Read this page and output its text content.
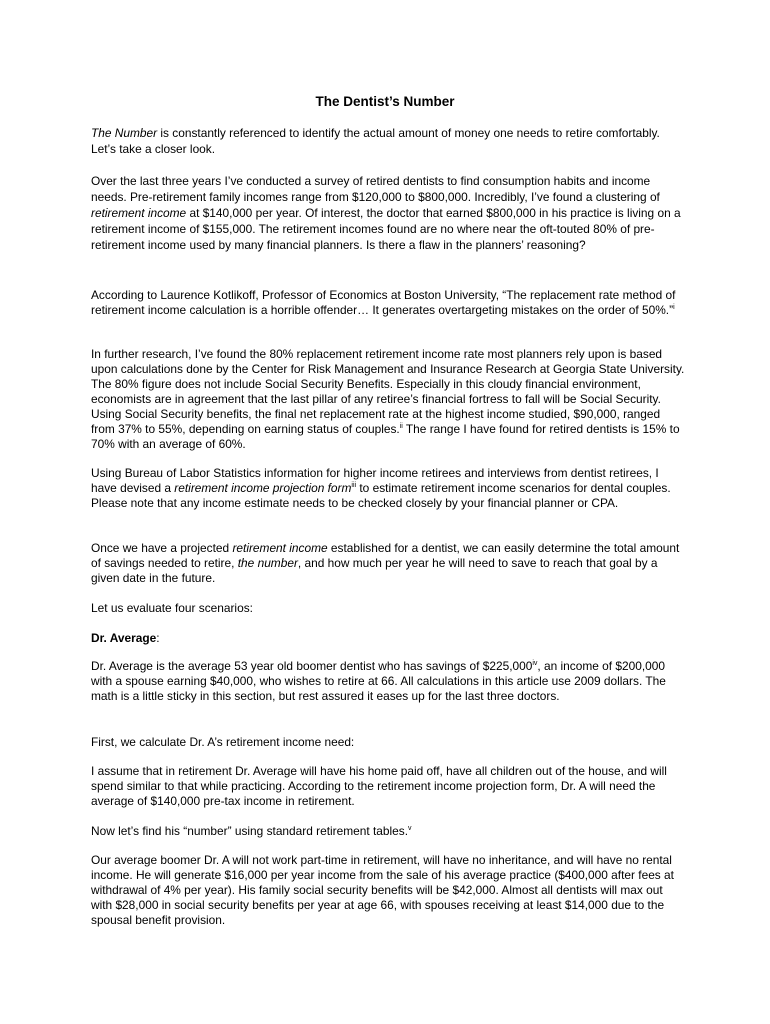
The Dentist’s Number
The Number is constantly referenced to identify the actual amount of money one needs to retire comfortably. Let’s take a closer look.
Over the last three years I’ve conducted a survey of retired dentists to find consumption habits and income needs. Pre-retirement family incomes range from $120,000 to $800,000. Incredibly, I’ve found a clustering of retirement income at $140,000 per year. Of interest, the doctor that earned $800,000 in his practice is living on a retirement income of $155,000. The retirement incomes found are no where near the oft-touted 80% of pre-retirement income used by many financial planners. Is there a flaw in the planners’ reasoning?
According to Laurence Kotlikoff, Professor of Economics at Boston University, “The replacement rate method of retirement income calculation is a horrible offender… It generates overtargeting mistakes on the order of 50%.”$^i$
In further research, I’ve found the 80% replacement retirement income rate most planners rely upon is based upon calculations done by the Center for Risk Management and Insurance Research at Georgia State University. The 80% figure does not include Social Security Benefits. Especially in this cloudy financial environment, economists are in agreement that the last pillar of any retiree’s financial fortress to fall will be Social Security. Using Social Security benefits, the final net replacement rate at the highest income studied, $90,000, ranged from 37% to 55%, depending on earning status of couples.$^{ii}$ The range I have found for retired dentists is 15% to 70% with an average of 60%.
Using Bureau of Labor Statistics information for higher income retirees and interviews from dentist retirees, I have devised a retirement income projection form$^{iii}$ to estimate retirement income scenarios for dental couples. Please note that any income estimate needs to be checked closely by your financial planner or CPA.
Once we have a projected retirement income established for a dentist, we can easily determine the total amount of savings needed to retire, the number, and how much per year he will need to save to reach that goal by a given date in the future.
Let us evaluate four scenarios:
Dr. Average:
Dr. Average is the average 53 year old boomer dentist who has savings of $225,000$^{iv}$, an income of $200,000 with a spouse earning $40,000, who wishes to retire at 66. All calculations in this article use 2009 dollars. The math is a little sticky in this section, but rest assured it eases up for the last three doctors.
First, we calculate Dr. A’s retirement income need:
I assume that in retirement Dr. Average will have his home paid off, have all children out of the house, and will spend similar to that while practicing. According to the retirement income projection form, Dr. A will need the average of $140,000 pre-tax income in retirement.
Now let’s find his “number” using standard retirement tables.$^v$
Our average boomer Dr. A will not work part-time in retirement, will have no inheritance, and will have no rental income. He will generate $16,000 per year income from the sale of his average practice ($400,000 after fees at withdrawal of 4% per year). His family social security benefits will be $42,000. Almost all dentists will max out with $28,000 in social security benefits per year at age 66, with spouses receiving at least $14,000 due to the spousal benefit provision.
